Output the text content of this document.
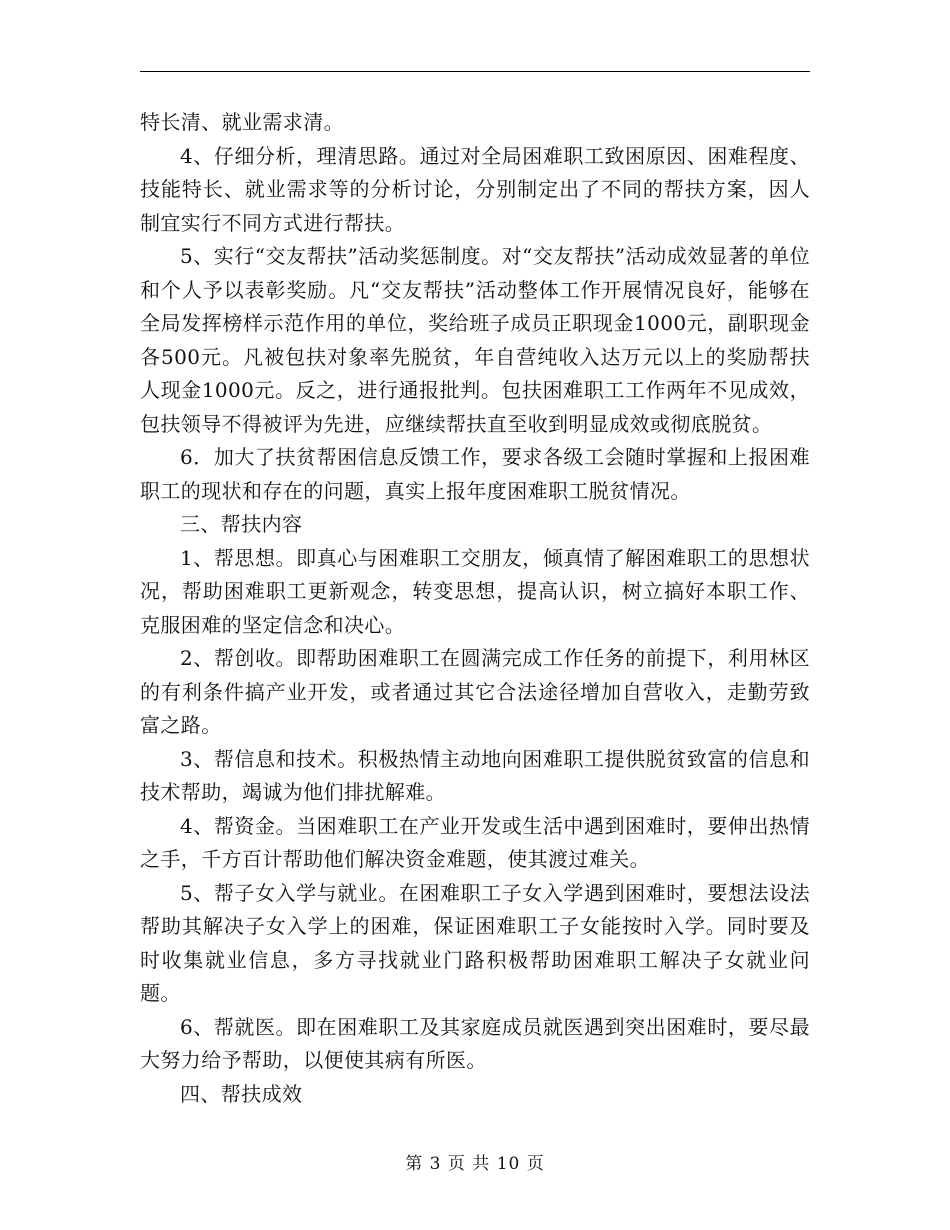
特长清、就业需求清。

4、仔细分析，理清思路。通过对全局困难职工致困原因、困难程度、技能特长、就业需求等的分析讨论，分别制定出了不同的帮扶方案，因人制宜实行不同方式进行帮扶。

5、实行“交友帮扶”活动奖惩制度。对“交友帮扶”活动成效显著的单位和个人予以表彰奖励。凡“交友帮扶”活动整体工作开展情况良好，能够在全局发挥榜样示范作用的单位，奖给班子成员正职现金1000元，副职现金各500元。凡被包扶对象率先脱贫，年自营纯收入达万元以上的奖励帮扶人现金1000元。反之，进行通报批判。包扶困难职工工作两年不见成效，包扶领导不得被评为先进，应继续帮扶直至收到明显成效或彻底脱贫。

6．加大了扶贫帮困信息反馈工作，要求各级工会随时掌握和上报困难职工的现状和存在的问题，真实上报年度困难职工脱贫情况。

三、帮扶内容

1、帮思想。即真心与困难职工交朋友，倾真情了解困难职工的思想状况，帮助困难职工更新观念，转变思想，提高认识，树立搞好本职工作、克服困难的坚定信念和决心。

2、帮创收。即帮助困难职工在圆满完成工作任务的前提下，利用林区的有利条件搞产业开发，或者通过其它合法途径增加自营收入，走勤劳致富之路。

3、帮信息和技术。积极热情主动地向困难职工提供脱贫致富的信息和技术帮助，竭诚为他们排扰解难。

4、帮资金。当困难职工在产业开发或生活中遇到困难时，要伸出热情之手，千方百计帮助他们解决资金难题，使其渡过难关。

5、帮子女入学与就业。在困难职工子女入学遇到困难时，要想法设法帮助其解决子女入学上的困难，保证困难职工子女能按时入学。同时要及时收集就业信息，多方寻找就业门路积极帮助困难职工解决子女就业问题。

6、帮就医。即在困难职工及其家庭成员就医遇到突出困难时，要尽最大努力给予帮助，以便使其病有所医。

四、帮扶成效

第 3 页 共 10 页
